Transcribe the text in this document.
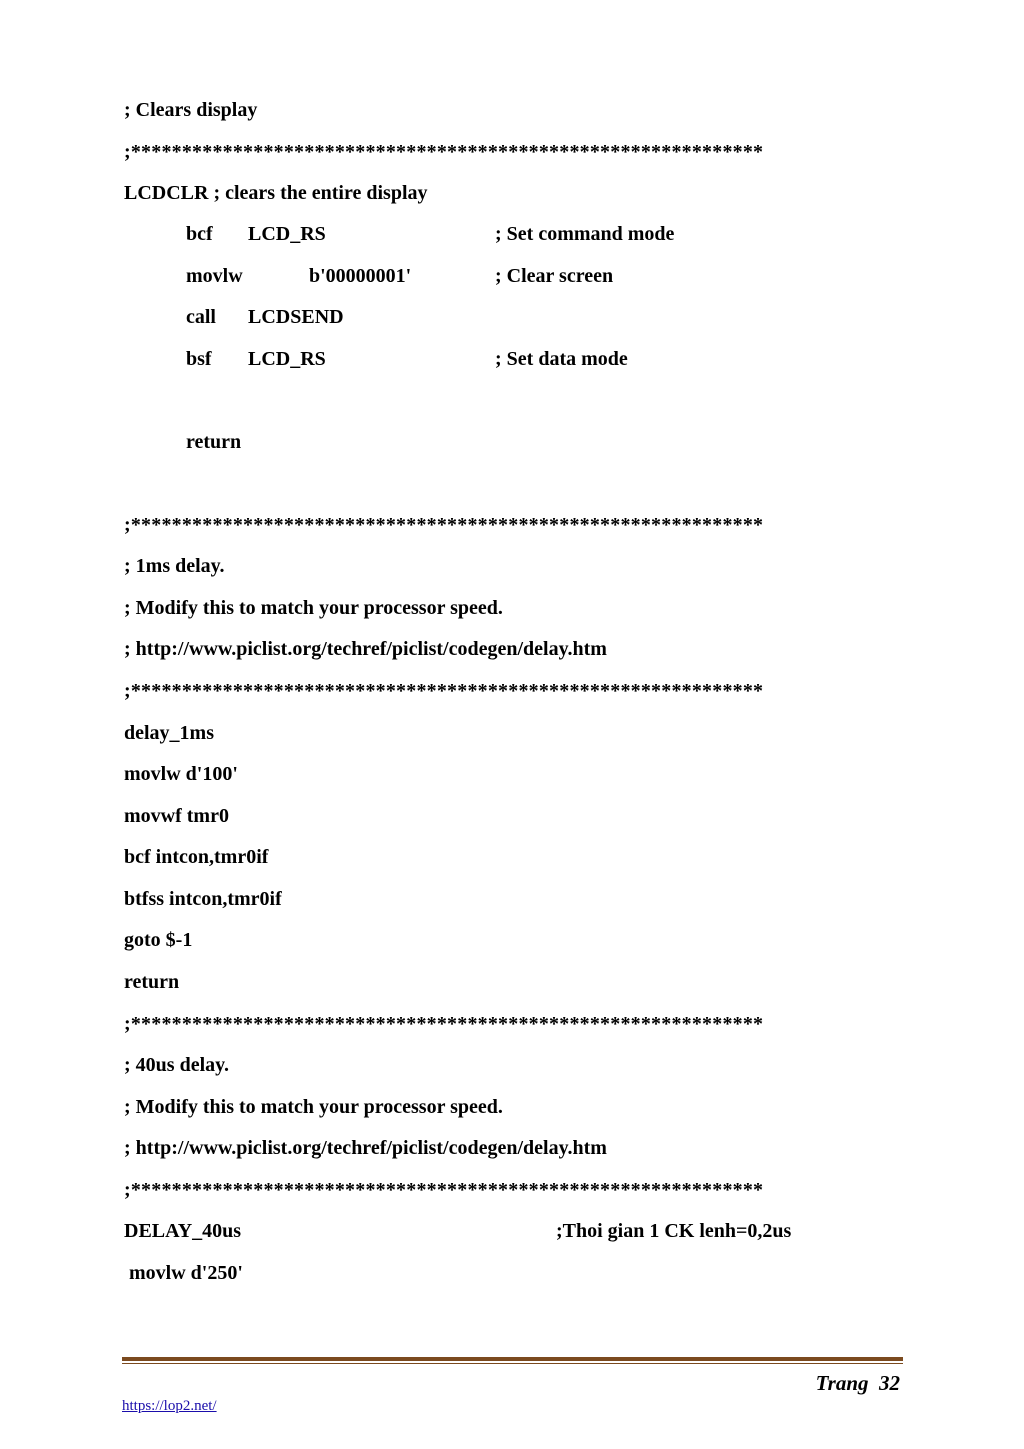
; Clears display
;**************************************************************
LCDCLR ; clears the entire display
bcf LCD_RS	; Set command mode
movlw	b'00000001'	; Clear screen
call LCDSEND
bsf LCD_RS	; Set data mode
return
;**************************************************************
; 1ms delay.
; Modify this to match your processor speed.
; http://www.piclist.org/techref/piclist/codegen/delay.htm
;**************************************************************
delay_1ms
movlw d'100'
movwf tmr0
bcf intcon,tmr0if
btfss intcon,tmr0if
goto $-1
return
;**************************************************************
; 40us delay.
; Modify this to match your processor speed.
; http://www.piclist.org/techref/piclist/codegen/delay.htm
;**************************************************************
DELAY_40us	;Thoi gian 1 CK lenh=0,2us
movlw d'250'
Trang  32
https://lop2.net/
